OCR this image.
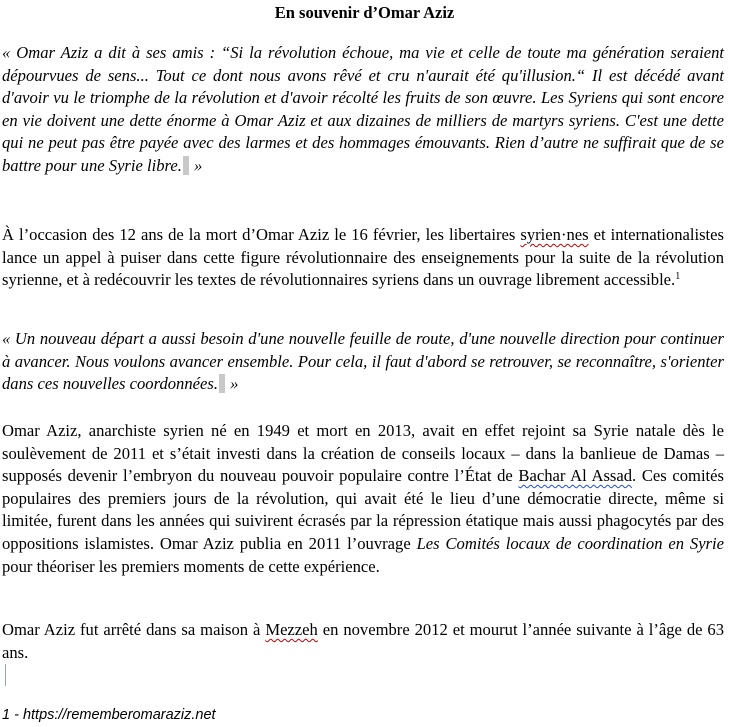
En souvenir d’Omar Aziz

« Omar Aziz a dit à ses amis : “Si la révolution échoue, ma vie et celle de toute ma génération seraient dépourvues de sens... Tout ce dont nous avons rêvé et cru n'aurait été qu'illusion.“ Il est décédé avant d'avoir vu le triomphe de la révolution et d'avoir récolté les fruits de son œuvre. Les Syriens qui sont encore en vie doivent une dette énorme à Omar Aziz et aux dizaines de milliers de martyrs syriens. C'est une dette qui ne peut pas être payée avec des larmes et des hommages émouvants. Rien d’autre ne suffirait que de se battre pour une Syrie libre. »

À l’occasion des 12 ans de la mort d’Omar Aziz le 16 février, les libertaires syrien·nes et internationalistes lance un appel à puiser dans cette figure révolutionnaire des enseignements pour la suite de la révolution syrienne, et à redécouvrir les textes de révolutionnaires syriens dans un ouvrage librement accessible.$^1$

« Un nouveau départ a aussi besoin d'une nouvelle feuille de route, d'une nouvelle direction pour continuer à avancer. Nous voulons avancer ensemble. Pour cela, il faut d'abord se retrouver, se reconnaître, s'orienter dans ces nouvelles coordonnées. »

Omar Aziz, anarchiste syrien né en 1949 et mort en 2013, avait en effet rejoint sa Syrie natale dès le soulèvement de 2011 et s’était investi dans la création de conseils locaux – dans la banlieue de Damas – supposés devenir l’embryon du nouveau pouvoir populaire contre l’État de Bachar Al Assad. Ces comités populaires des premiers jours de la révolution, qui avait été le lieu d’une démocratie directe, même si limitée, furent dans les années qui suivirent écrasés par la répression étatique mais aussi phagocytés par des oppositions islamistes. Omar Aziz publia en 2011 l’ouvrage Les Comités locaux de coordination en Syrie pour théoriser les premiers moments de cette expérience.

Omar Aziz fut arrêté dans sa maison à Mezzeh en novembre 2012 et mourut l’année suivante à l’âge de 63 ans.

1 - https://rememberomaraziz.net
